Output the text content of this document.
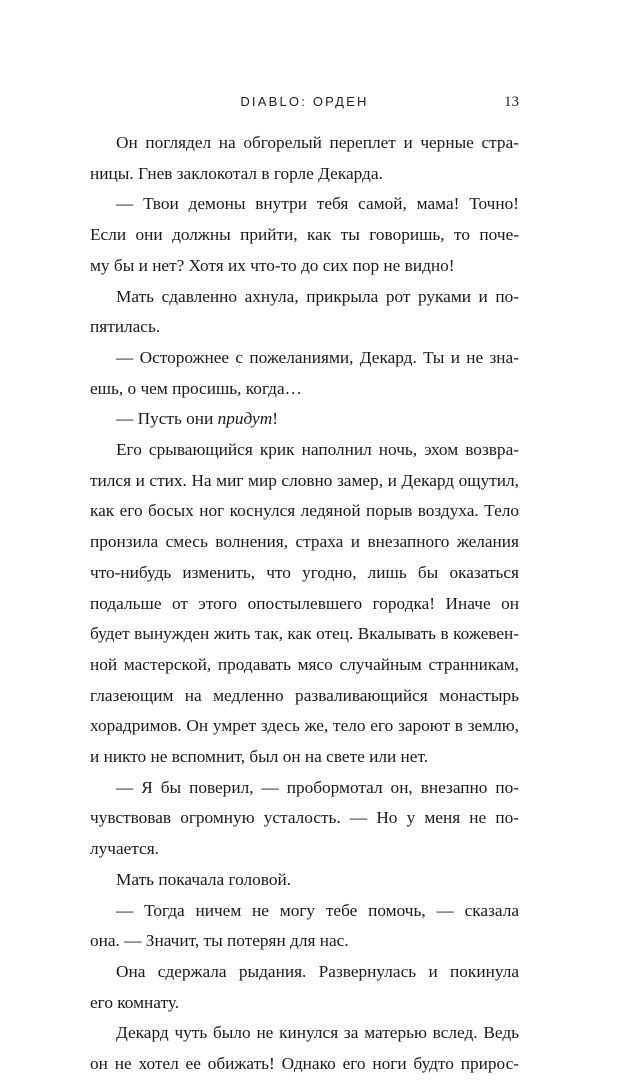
DIABLO: ОРДЕН	13
Он поглядел на обгорелый переплет и черные стра-
ницы. Гнев заклокотал в горле Декарда.
— Твои демоны внутри тебя самой, мама! Точно!
Если они должны прийти, как ты говоришь, то поче-
му бы и нет? Хотя их что-то до сих пор не видно!
Мать сдавленно ахнула, прикрыла рот руками и по-
пятилась.
— Осторожнее с пожеланиями, Декард. Ты и не зна-
ешь, о чем просишь, когда…
— Пусть они придут!
Его срывающийся крик наполнил ночь, эхом возвра-
тился и стих. На миг мир словно замер, и Декард ощутил,
как его босых ног коснулся ледяной порыв воздуха. Тело
пронзила смесь волнения, страха и внезапного желания
что-нибудь изменить, что угодно, лишь бы оказаться
подальше от этого опостылевшего городка! Иначе он
будет вынужден жить так, как отец. Вкалывать в кожевен-
ной мастерской, продавать мясо случайным странникам,
глазеющим на медленно разваливающийся монастырь
хорадримов. Он умрет здесь же, тело его зароют в землю,
и никто не вспомнит, был он на свете или нет.
— Я бы поверил, — пробормотал он, внезапно по-
чувствовав огромную усталость. — Но у меня не по-
лучается.
Мать покачала головой.
— Тогда ничем не могу тебе помочь, — сказала
она. — Значит, ты потерян для нас.
Она сдержала рыдания. Развернулась и покинула
его комнату.
Декард чуть было не кинулся за матерью вслед. Ведь
он не хотел ее обижать! Однако его ноги будто прирос-
